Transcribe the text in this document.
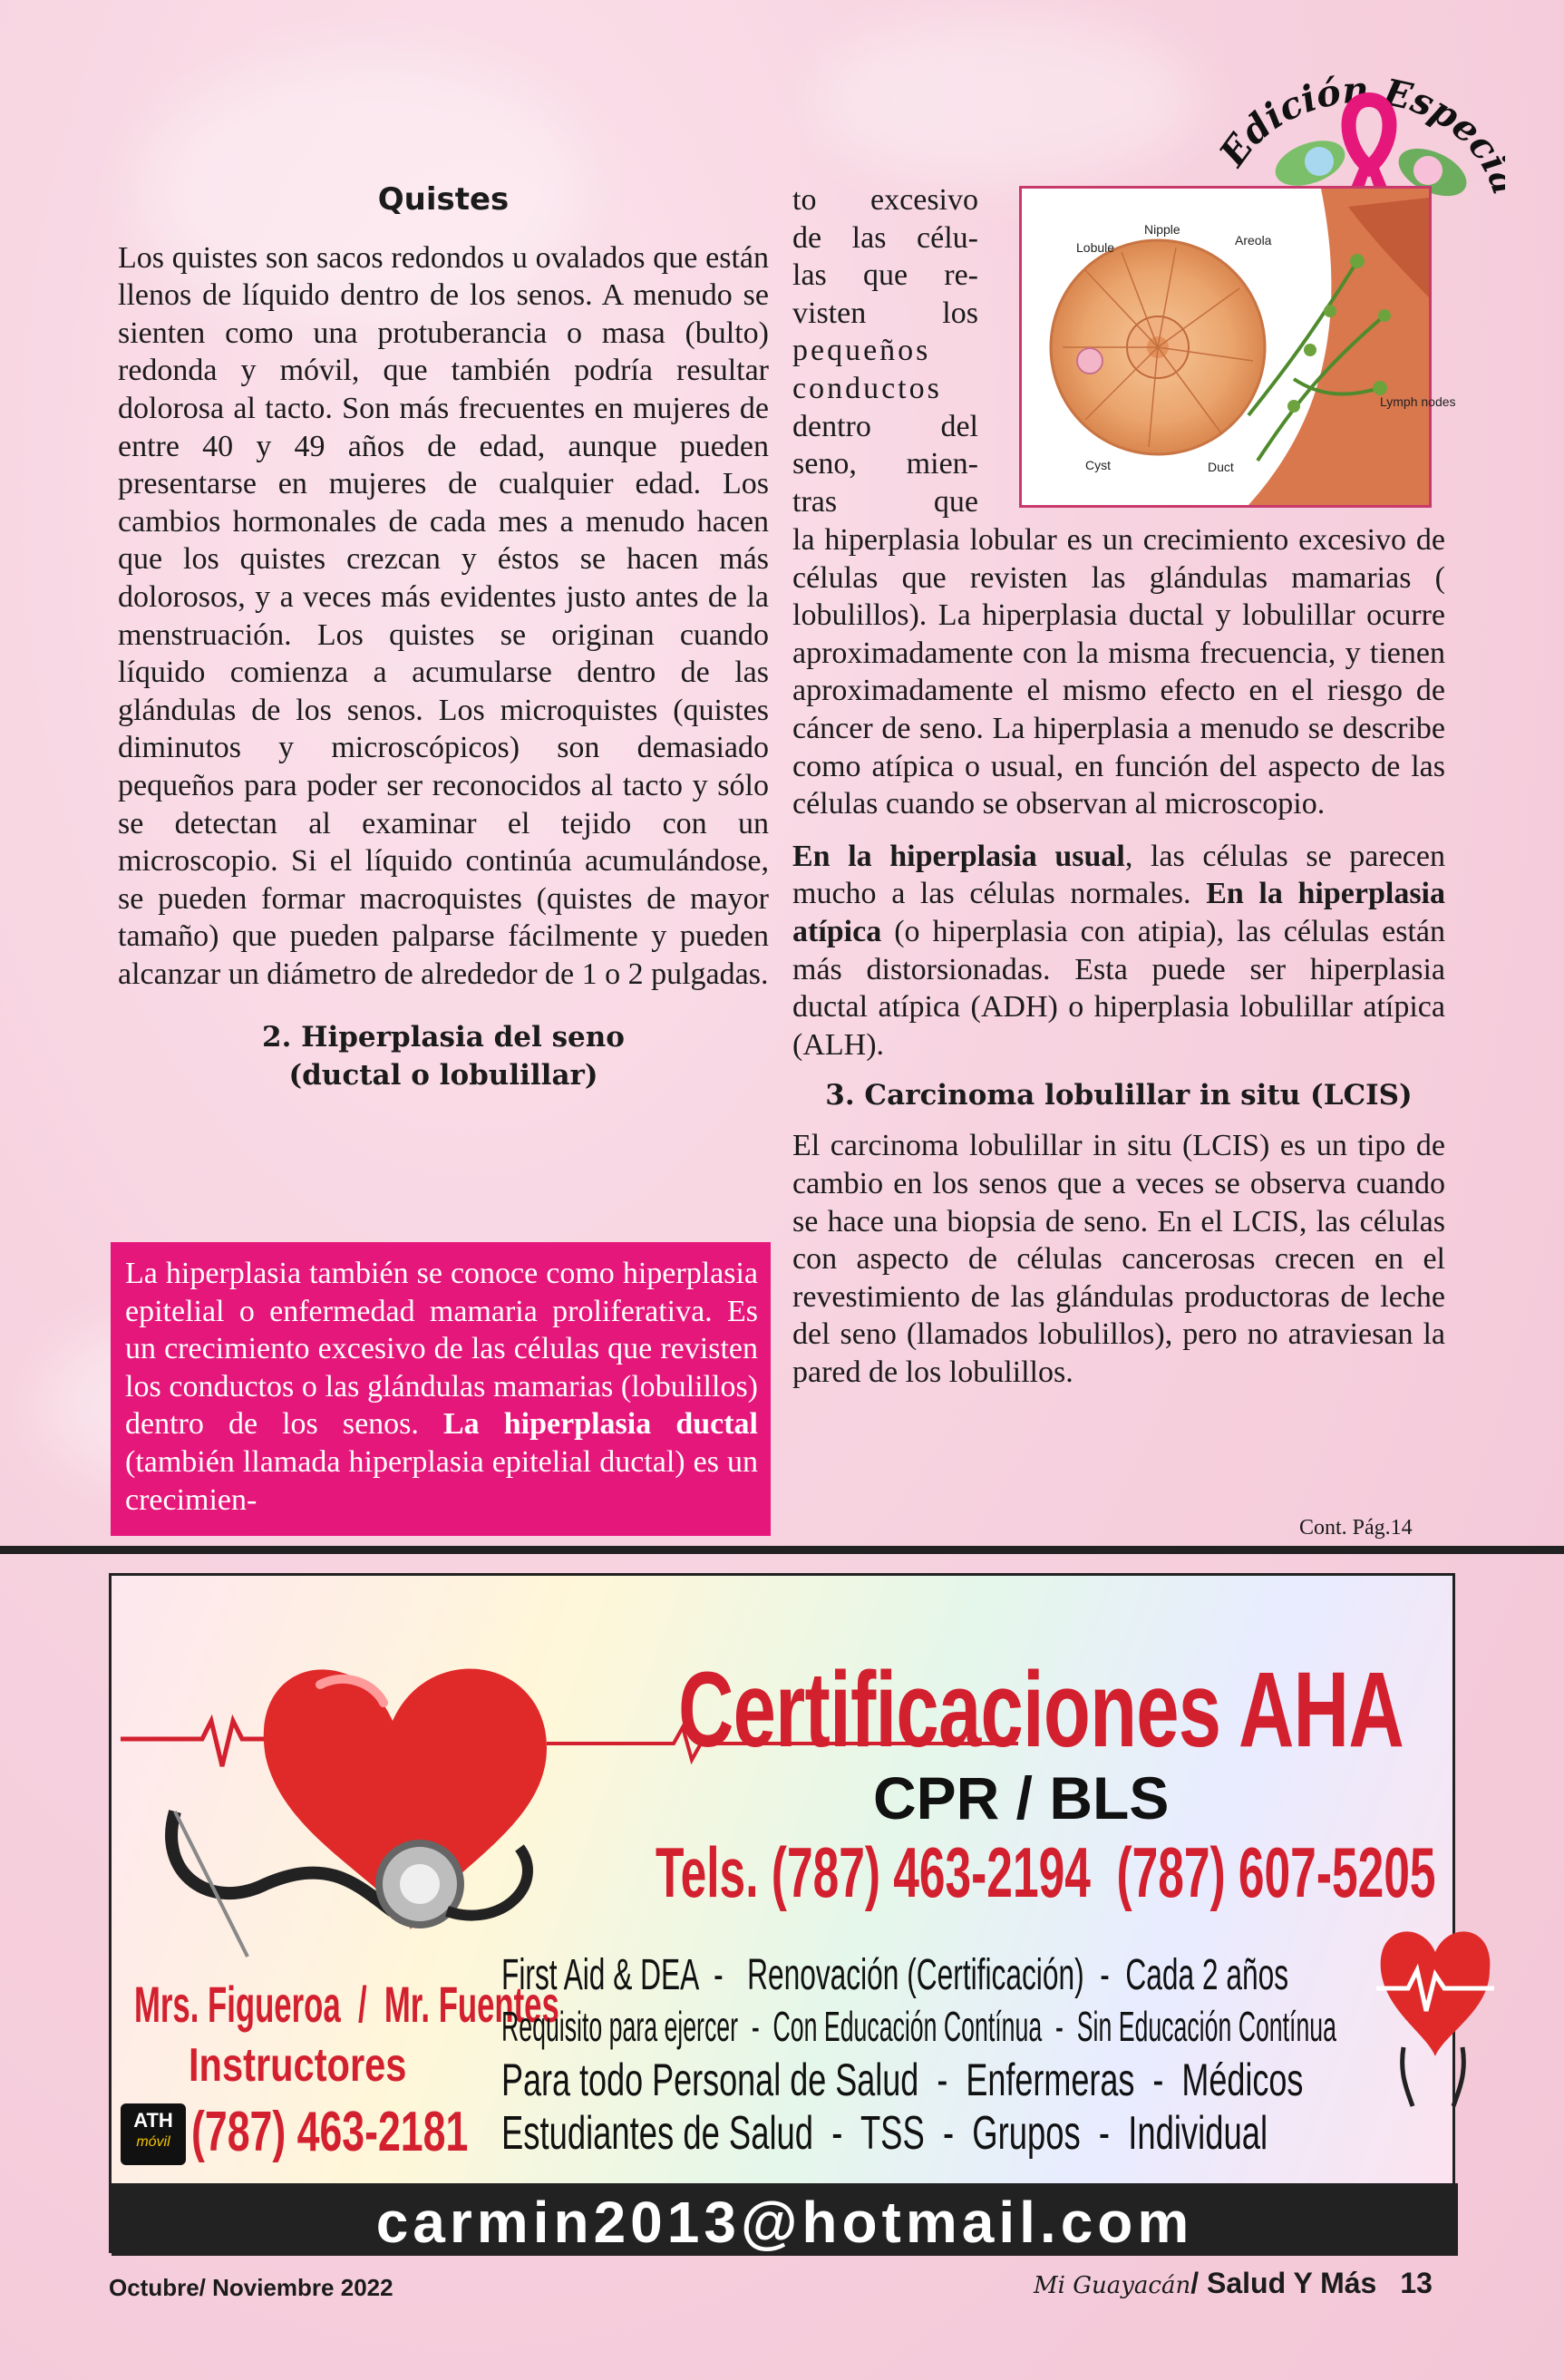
Edición Espec

Quistes

Los quistes son sacos redondos u ovalados que están llenos de líquido dentro de los senos. A menudo se sienten como una protuberancia o masa (bulto) redonda y móvil, que también podría resultar dolorosa al tacto. Son más frecuentes en mujeres de entre 40 y 49 años de edad, aunque pueden presentarse en mujeres de cualquier edad. Los cambios hormonales de cada mes a menudo hacen que los quistes crezcan y éstos se hacen más dolorosos, y a veces más evidentes justo antes de la menstruación. Los quistes se originan cuando líquido comienza a acumularse dentro de las glándulas de los senos. Los microquistes (quistes diminutos y microscópicos) son demasiado pequeños para poder ser reconocidos al tacto y sólo se detectan al examinar el tejido con un microscopio. Si el líquido continúa acumulándose, se pueden formar macroquistes (quistes de mayor tamaño) que pueden palparse fácilmente y pueden alcanzar un diámetro de alrededor de 1 o 2 pulgadas.

2. Hiperplasia del seno

(ductal o lobulillar)

La hiperplasia también se conoce como hiperplasia epitelial o enfermedad mamaria proliferativa. Es un crecimiento excesivo de las células que revisten los conductos o las glándulas mamarias (lobulillos) dentro de los senos. La hiperplasia ductal (también llamada hiperplasia epitelial ductal) es un crecimien-
Nipple
Areola
Lobule
Lymph nodes
Cyst	Duct
to excesivo
de las célu-
las que re-
visten los
pequeños
conductos
dentro del
seno, mien-
tras que

la hiperplasia lobular es un crecimiento excesivo de células que revisten las glándulas mamarias ( lobulillos). La hiperplasia ductal y lobulillar ocurre aproximadamente con la misma frecuencia, y tienen aproximadamente el mismo efecto en el riesgo de cáncer de seno. La hiperplasia a menudo se describe como atípica o usual, en función del aspecto de las células cuando se observan al microscopio.

En la hiperplasia usual, las células se parecen mucho a las células normales. En la hiperplasia atípica (o hiperplasia con atipia), las células están más distorsionadas. Esta puede ser hiperplasia ductal atípica (ADH) o hiperplasia lobulillar atípica (ALH).

3. Carcinoma lobulillar in situ (LCIS)

El carcinoma lobulillar in situ (LCIS) es un tipo de cambio en los senos que a veces se observa cuando se hace una biopsia de seno. En el LCIS, las células con aspecto de células cancerosas crecen en el revestimiento de las glándulas productoras de leche del seno (llamados lobulillos), pero no atraviesan la pared de los lobulillos.

Cont. Pág.14
Certificaciones AHA
CPR / BLS
Tels. (787) 463-2194  (787) 607-5205
Mrs. Figueroa  /  Mr. Fuentes
Instructores
ATH
móvil (787) 463-2181
First Aid & DEA  -   Renovación (Certificación)  -  Cada 2 años
Requisito para ejercer  -  Con Educación Contínua  -  Sin Educación Contínua
Para todo Personal de Salud  -  Enfermeras  -  Médicos
Estudiantes de Salud  -  TSS  -  Grupos  -  Individual
carmin2013@hotmail.com
Octubre/ Noviembre 2022	Mi Guayacán/ Salud Y Más 13
